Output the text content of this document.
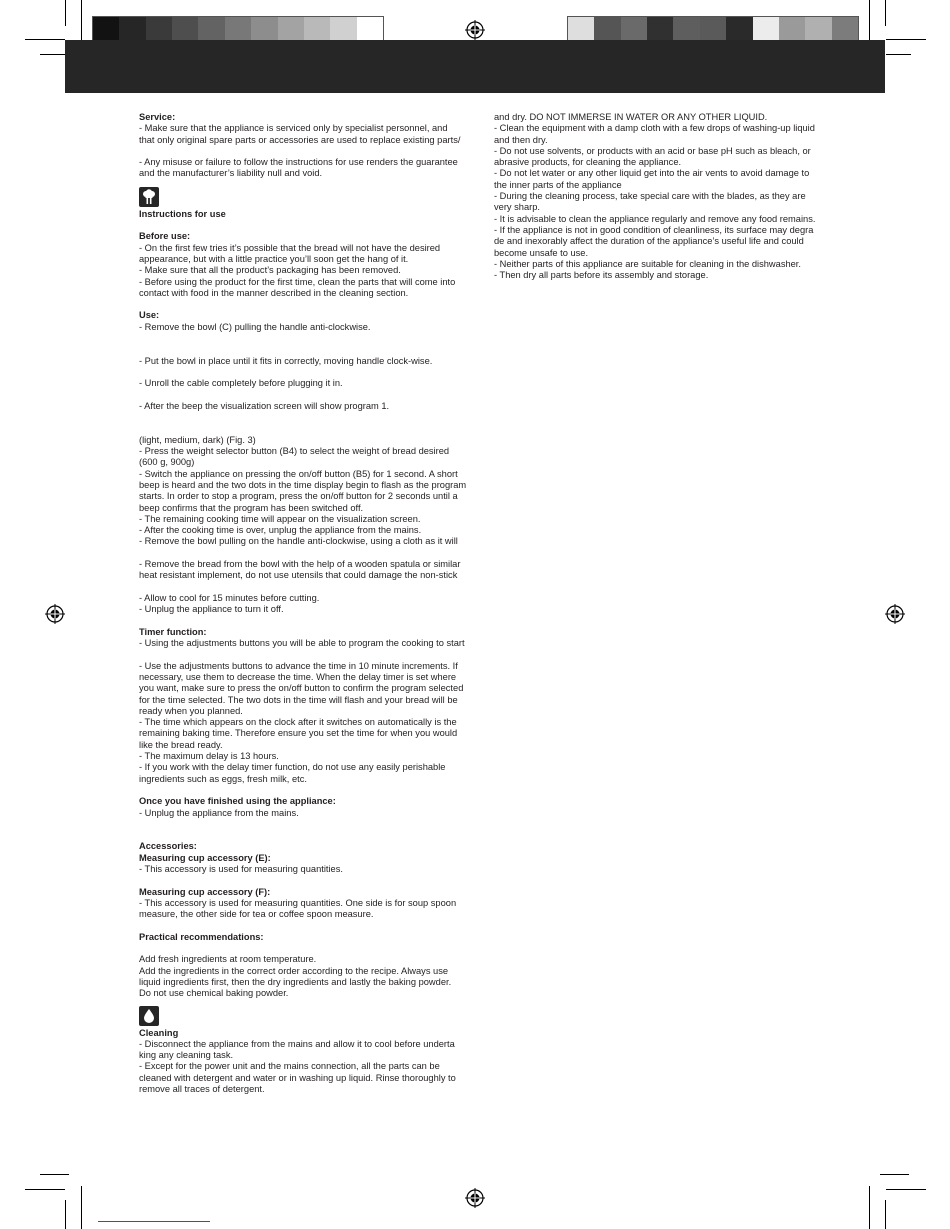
Service:

- Make sure that the appliance is serviced only by specialist personnel, and

that only original spare parts or accessories are used to replace existing parts/

- Any misuse or failure to follow the instructions for use renders the guarantee

and the manufacturer’s liability null and void.

Instructions for use

Before use:

- On the first few tries it’s possible that the bread will not have the desired

appearance, but with a little practice you’ll soon get the hang of it.

- Make sure that all the product’s packaging has been removed.

- Before using the product for the first time, clean the parts that will come into

contact with food in the manner described in the cleaning section.

Use:

- Remove the bowl (C) pulling the handle anti-clockwise.

- Put the bowl in place until it fits in correctly, moving handle clock-wise.

- Unroll the cable completely before plugging it in.

- After the beep the visualization screen will show program 1.

(light, medium, dark) (Fig. 3)

- Press the weight selector button (B4) to select the weight of bread desired

(600 g, 900g)

- Switch the appliance on pressing the on/off button (B5) for 1 second. A short

beep is heard and the two dots in the time display begin to flash as the program

starts. In order to stop a program, press the on/off button for 2 seconds until a

beep confirms that the program has been switched off.

- The remaining cooking time will appear on the visualization screen.

- After the cooking time is over, unplug the appliance from the mains.

- Remove the bowl pulling on the handle anti-clockwise, using a cloth as it will

- Remove the bread from the bowl with the help of a wooden spatula or similar

heat resistant implement, do not use utensils that could damage the non-stick

- Allow to cool for 15 minutes before cutting.

- Unplug the appliance to turn it off.

Timer function:

- Using the adjustments buttons you will be able to program the cooking to start

- Use the adjustments buttons to advance the time in 10 minute increments. If

necessary, use them to decrease the time. When the delay timer is set where

you want, make sure to press the on/off button to confirm the program selected

for the time selected. The two dots in the time will flash and your bread will be

ready when you planned.

- The time which appears on the clock after it switches on automatically is the

remaining baking time. Therefore ensure you set the time for when you would

like the bread ready.

- The maximum delay is 13 hours.

- If you work with the delay timer function, do not use any easily perishable

ingredients such as eggs, fresh milk, etc.

Once you have finished using the appliance:

- Unplug the appliance from the mains.

Accessories:

Measuring cup accessory (E):

- This accessory is used for measuring quantities.

Measuring cup accessory (F):

- This accessory is used for measuring quantities. One side is for soup spoon

measure, the other side for tea or coffee spoon measure.

Practical recommendations:

Add fresh ingredients at room temperature.

Add the ingredients in the correct order according to the recipe. Always use

liquid ingredients first, then the dry ingredients and lastly the baking powder.

Do not use chemical baking powder.

Cleaning

- Disconnect the appliance from the mains and allow it to cool before underta

king any cleaning task.

- Except for the power unit and the mains connection, all the parts can be

cleaned with detergent and water or in washing up liquid. Rinse thoroughly to

remove all traces of detergent.

and dry. DO NOT IMMERSE IN WATER OR ANY OTHER LIQUID.

- Clean the equipment with a damp cloth with a few drops of washing-up liquid

and then dry.

- Do not use solvents, or products with an acid or base pH such as bleach, or

abrasive products, for cleaning the appliance.

- Do not let water or any other liquid get into the air vents to avoid damage to

the inner parts of the appliance

- During the cleaning process, take special care with the blades, as they are

very sharp.

- It is advisable to clean the appliance regularly and remove any food remains.

- If the appliance is not in good condition of cleanliness, its surface may degra

de and inexorably affect the duration of the appliance’s useful life and could

become unsafe to use.

- Neither parts of this appliance are suitable for cleaning in the dishwasher.

- Then dry all parts before its assembly and storage.
